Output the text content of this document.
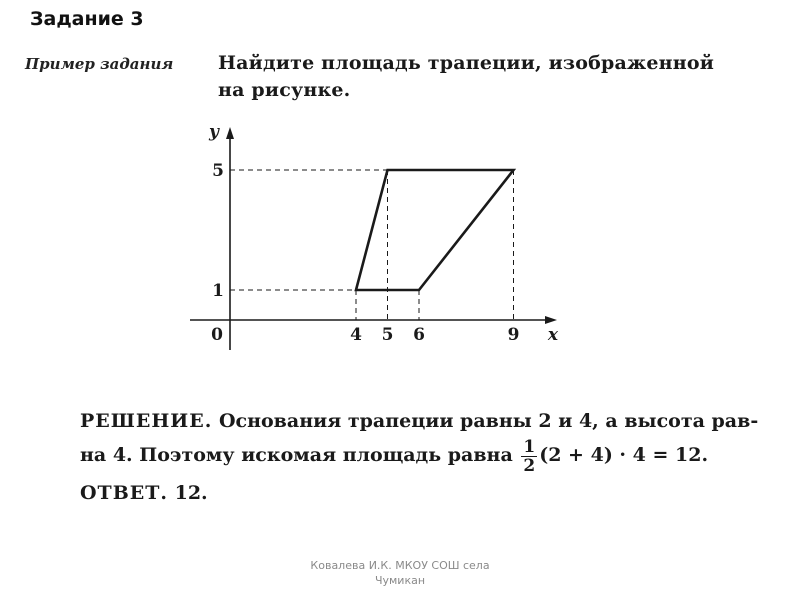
Задание 3
Пример задания Найдите площадь трапеции, изображенной
на рисунке.
x
y
0	4 5 6	9
1
5
РЕШЕНИЕ. Основания трапеции равны 2 и 4, а высота рав-
на 4. Поэтому искомая площадь равна $\frac{1}{2} (2 + 4) \cdot 4 = 12$.
ОТВЕТ. 12.
Ковалева И.К. МКОУ СОШ села
Чумикан
